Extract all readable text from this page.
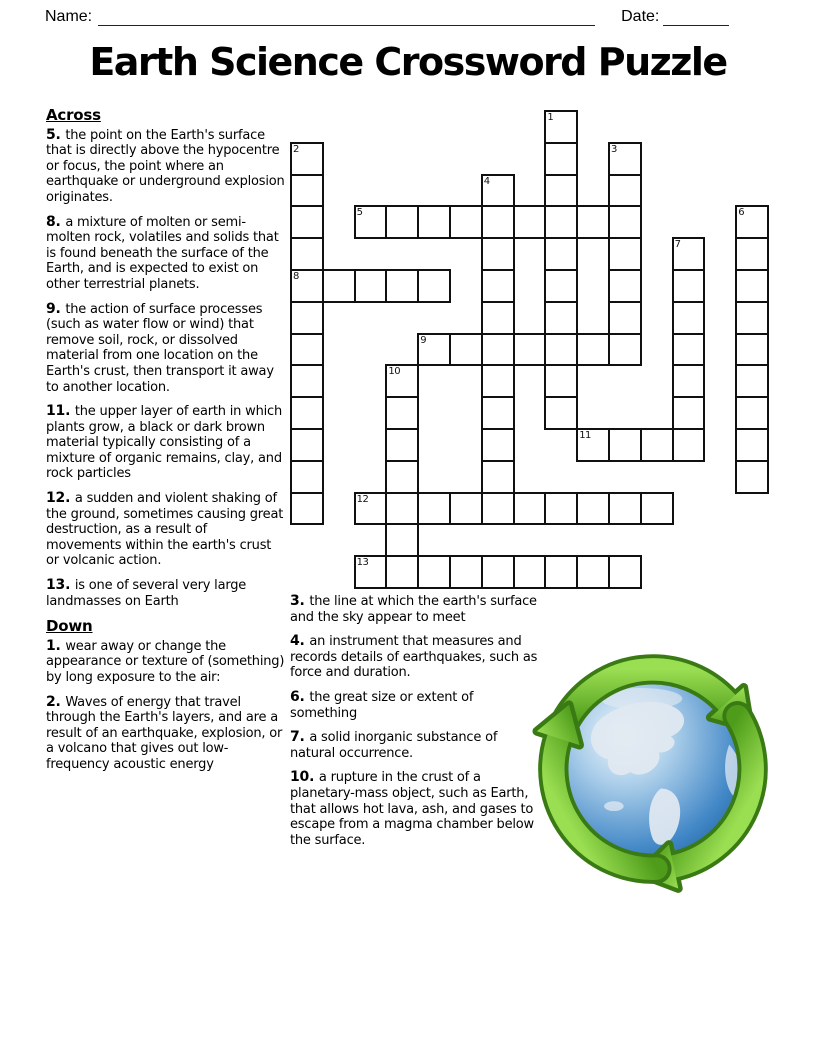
Name:	Date:
Earth Science Crossword Puzzle
Across
5. the point on the Earth's surface that is directly above the hypocentre or focus, the point where an earthquake or underground explosion originates.
8. a mixture of molten or semi-molten rock, volatiles and solids that is found beneath the surface of the Earth, and is expected to exist on other terrestrial planets.
9. the action of surface processes (such as water flow or wind) that remove soil, rock, or dissolved material from one location on the Earth's crust, then transport it away to another location.
11. the upper layer of earth in which plants grow, a black or dark brown material typically consisting of a mixture of organic remains, clay, and rock particles
12. a sudden and violent shaking of the ground, sometimes causing great destruction, as a result of movements within the earth's crust or volcanic action.
13. is one of several very large landmasses on Earth
Down
1. wear away or change the appearance or texture of (something) by long exposure to the air:
2. Waves of energy that travel through the Earth's layers, and are a result of an earthquake, explosion, or a volcano that gives out low-frequency acoustic energy
3. the line at which the earth's surface and the sky appear to meet
4. an instrument that measures and records details of earthquakes, such as force and duration.
6. the great size or extent of something
7. a solid inorganic substance of natural occurrence.
10. a rupture in the crust of a planetary-mass object, such as Earth, that allows hot lava, ash, and gases to escape from a magma chamber below the surface.
1
2
8
3
4
5	6
7
9
10
11
12
13
